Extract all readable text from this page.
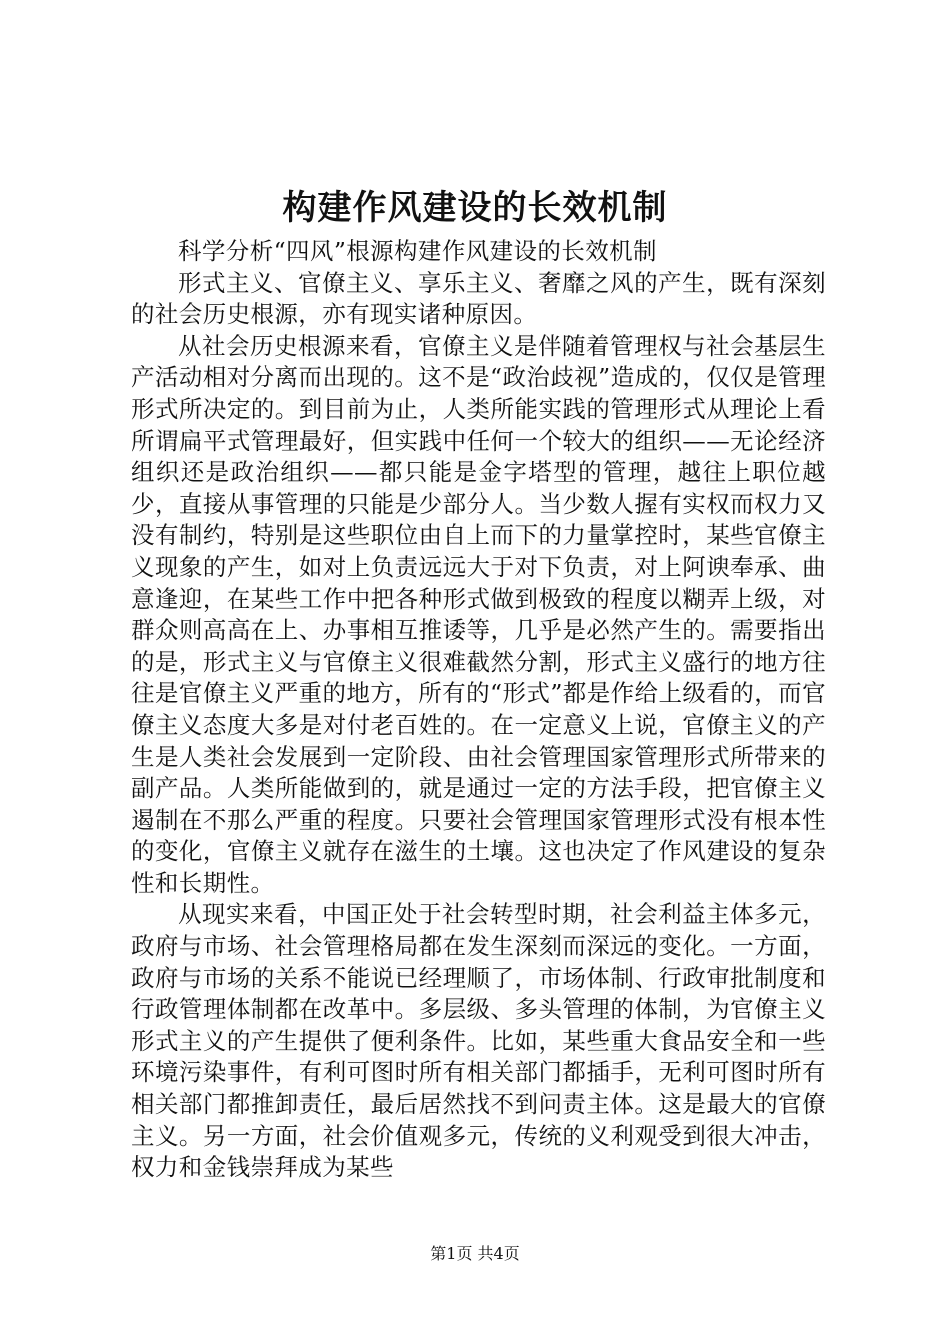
构建作风建设的长效机制

科学分析“四风”根源构建作风建设的长效机制

形式主义、官僚主义、享乐主义、奢靡之风的产生，既有深刻的社会历史根源，亦有现实诸种原因。

从社会历史根源来看，官僚主义是伴随着管理权与社会基层生产活动相对分离而出现的。这不是“政治歧视”造成的，仅仅是管理形式所决定的。到目前为止，人类所能实践的管理形式从理论上看所谓扁平式管理最好，但实践中任何一个较大的组织——无论经济组织还是政治组织——都只能是金字塔型的管理，越往上职位越少，直接从事管理的只能是少部分人。当少数人握有实权而权力又没有制约，特别是这些职位由自上而下的力量掌控时，某些官僚主义现象的产生，如对上负责远远大于对下负责，对上阿谀奉承、曲意逢迎，在某些工作中把各种形式做到极致的程度以糊弄上级，对群众则高高在上、办事相互推诿等，几乎是必然产生的。需要指出的是，形式主义与官僚主义很难截然分割，形式主义盛行的地方往往是官僚主义严重的地方，所有的“形式”都是作给上级看的，而官僚主义态度大多是对付老百姓的。在一定意义上说，官僚主义的产生是人类社会发展到一定阶段、由社会管理国家管理形式所带来的副产品。人类所能做到的，就是通过一定的方法手段，把官僚主义遏制在不那么严重的程度。只要社会管理国家管理形式没有根本性的变化，官僚主义就存在滋生的土壤。这也决定了作风建设的复杂性和长期性。

从现实来看，中国正处于社会转型时期，社会利益主体多元，政府与市场、社会管理格局都在发生深刻而深远的变化。一方面，政府与市场的关系不能说已经理顺了，市场体制、行政审批制度和行政管理体制都在改革中。多层级、多头管理的体制，为官僚主义形式主义的产生提供了便利条件。比如，某些重大食品安全和一些环境污染事件，有利可图时所有相关部门都插手，无利可图时所有相关部门都推卸责任，最后居然找不到问责主体。这是最大的官僚主义。另一方面，社会价值观多元，传统的义利观受到很大冲击，权力和金钱崇拜成为某些

第1页 共4页
